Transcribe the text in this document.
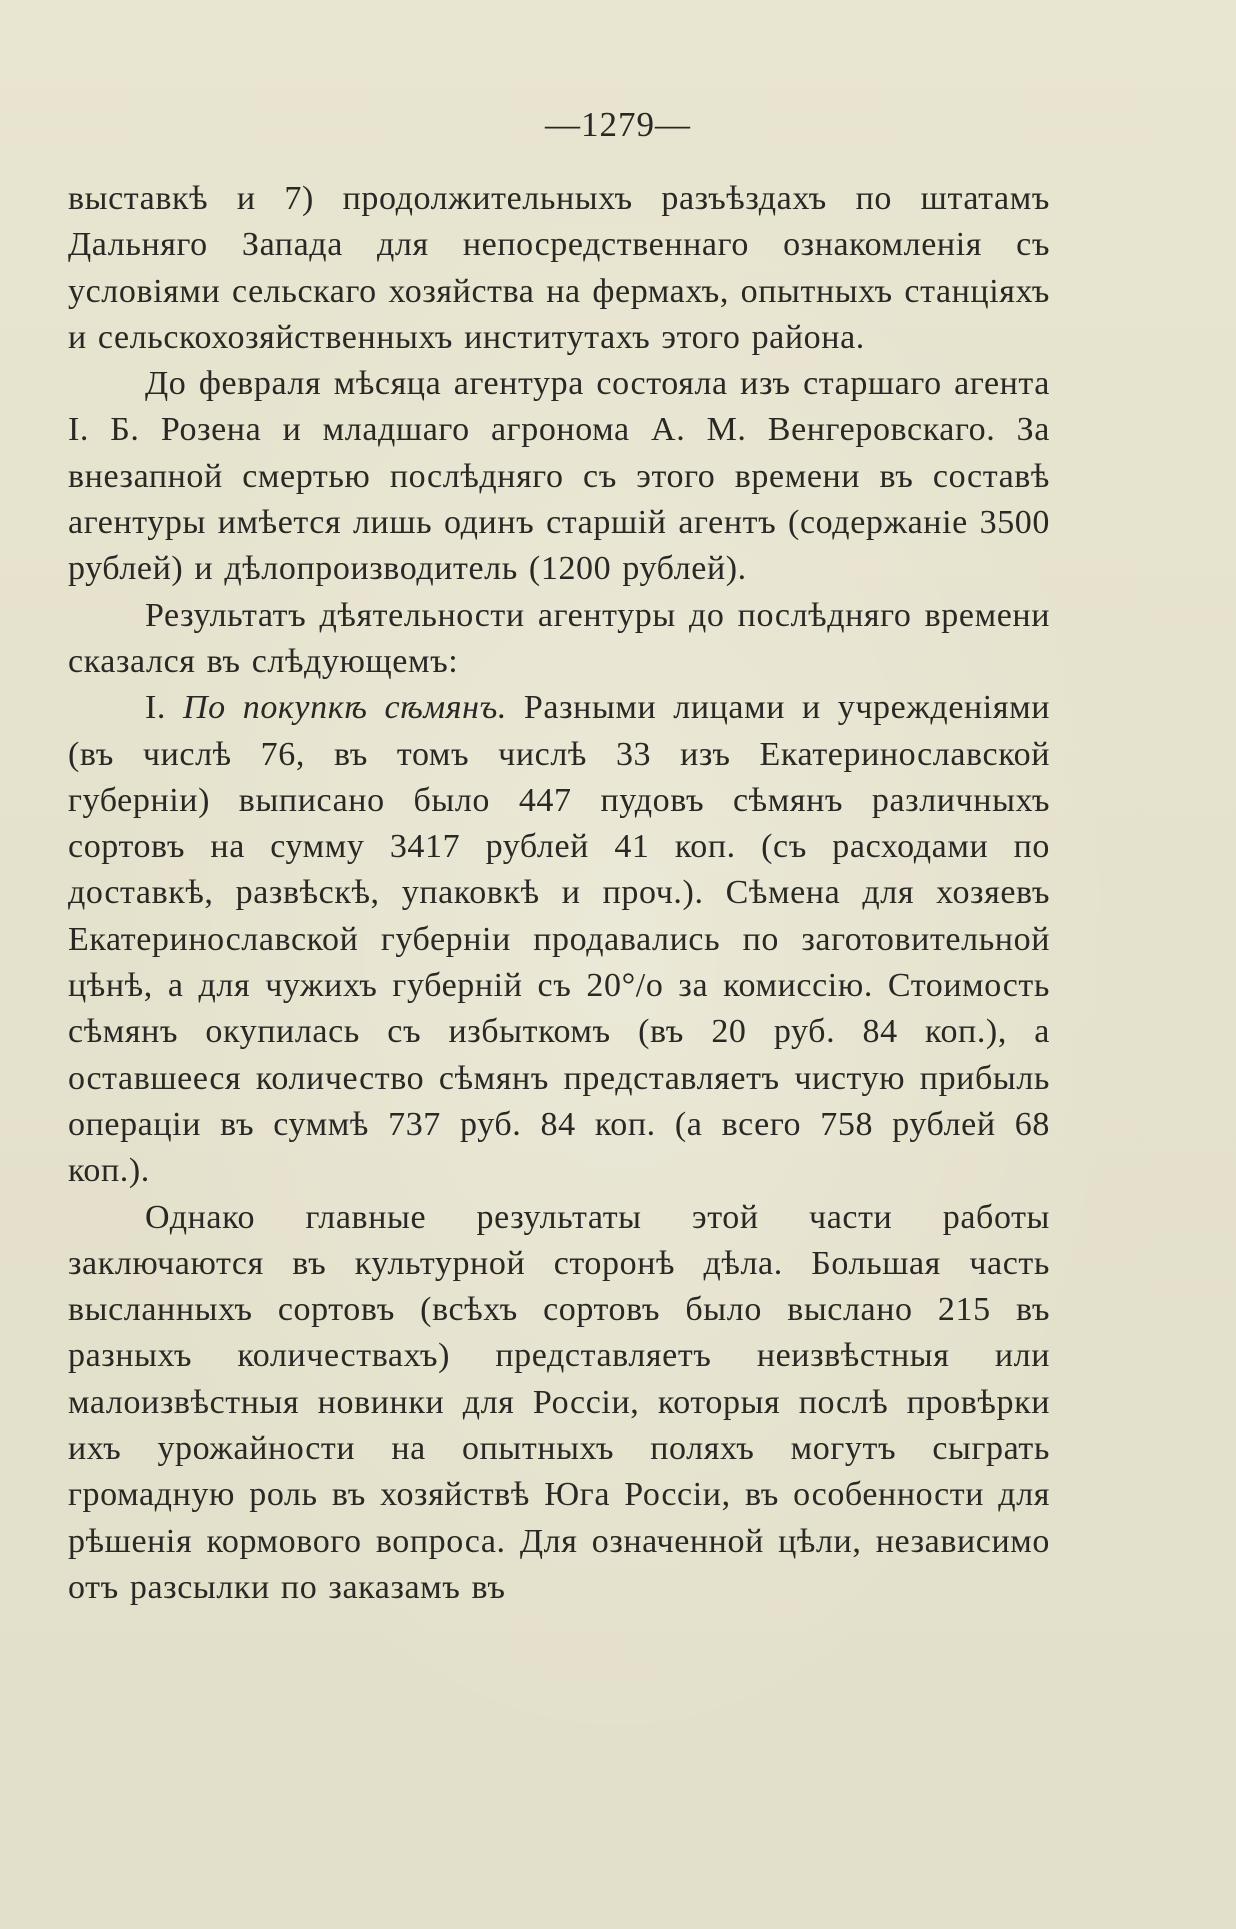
—1279—

выставкѣ и 7) продолжительныхъ разъѣздахъ по штатамъ Дальняго Запада для непосредственнаго ознакомленія съ условіями сельскаго хозяйства на фермахъ, опытныхъ станціяхъ и сельскохозяйственныхъ институтахъ этого района.

До февраля мѣсяца агентура состояла изъ старшаго агента І. Б. Розена и младшаго агронома А. М. Венгеровскаго. За внезапной смертью послѣдняго съ этого времени въ составѣ агентуры имѣется лишь одинъ старшій агентъ (содержаніе 3500 рублей) и дѣлопроизводитель (1200 рублей).

Результатъ дѣятельности агентуры до послѣдняго времени сказался въ слѣдующемъ:

І. По покупкѣ сѣмянъ. Разными лицами и учрежденіями (въ числѣ 76, въ томъ числѣ 33 изъ Екатеринославской губерніи) выписано было 447 пудовъ сѣмянъ различныхъ сортовъ на сумму 3417 рублей 41 коп. (съ расходами по доставкѣ, развѣскѣ, упаковкѣ и проч.). Сѣмена для хозяевъ Екатеринославской губерніи продавались по заготовительной цѣнѣ, а для чужихъ губерній съ 20°/о за комиссію. Стоимость сѣмянъ окупилась съ избыткомъ (въ 20 руб. 84 коп.), а оставшееся количество сѣмянъ представляетъ чистую прибыль операціи въ суммѣ 737 руб. 84 коп. (а всего 758 рублей 68 коп.).

Однако главные результаты этой части работы заключаются въ культурной сторонѣ дѣла. Большая часть высланныхъ сортовъ (всѣхъ сортовъ было выслано 215 въ разныхъ количествахъ) представляетъ неизвѣстныя или малоизвѣстныя новинки для Россіи, которыя послѣ провѣрки ихъ урожайности на опытныхъ поляхъ могутъ сыграть громадную роль въ хозяйствѣ Юга Россіи, въ особенности для рѣшенія кормового вопроса. Для означенной цѣли, независимо отъ разсылки по заказамъ въ
